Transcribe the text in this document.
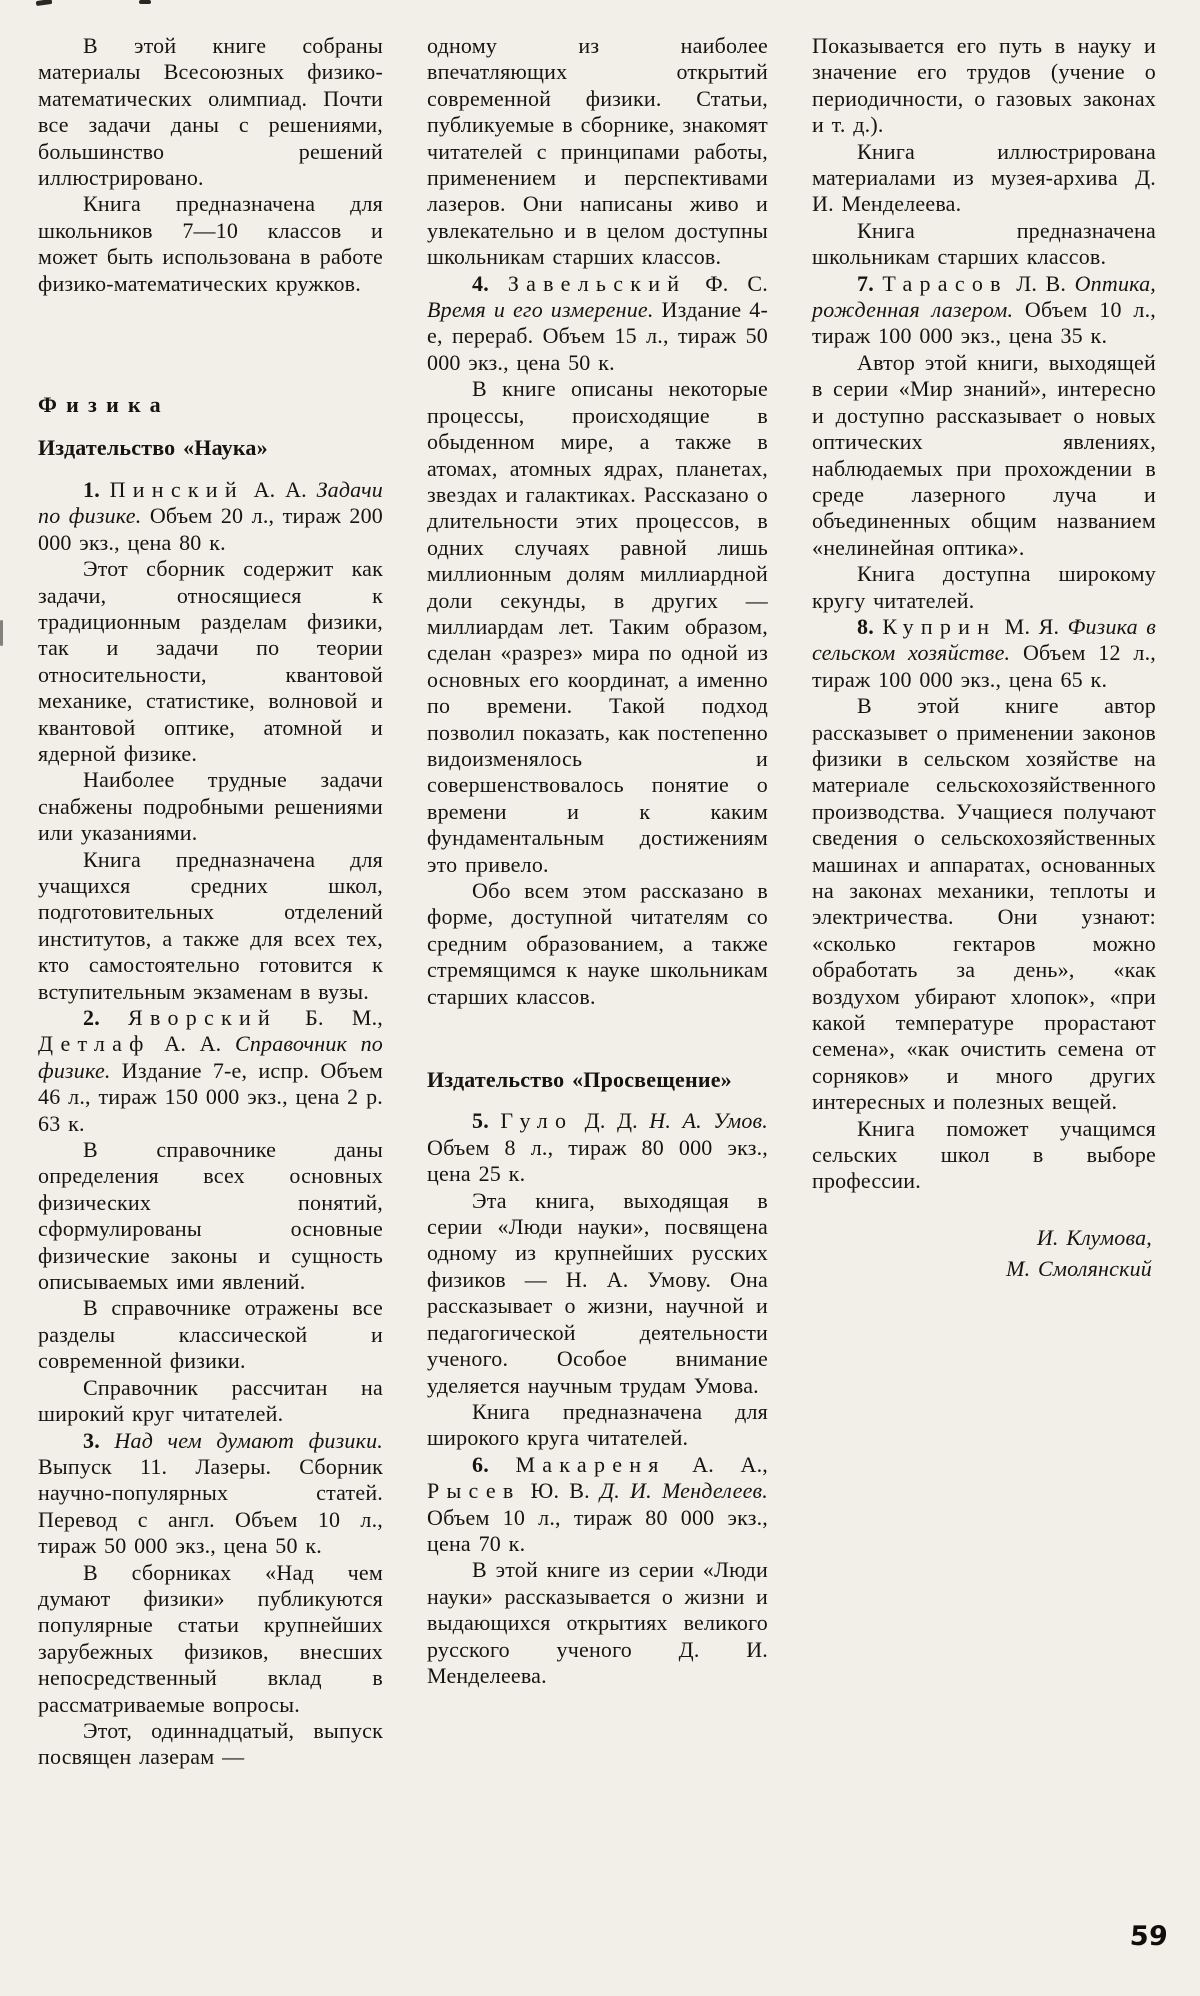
В этой книге собраны материалы Всесоюзных физико-математических олимпиад. Почти все задачи даны с решениями, большинство решений иллюстрировано.
Книга предназначена для школьников 7—10 классов и может быть использована в работе физико-математических кружков.
Физика
Издательство «Наука»
1. Пинский А. А. Задачи по физике. Объем 20 л., тираж 200 000 экз., цена 80 к.
Этот сборник содержит как задачи, относящиеся к традиционным разделам физики, так и задачи по теории относительности, квантовой механике, статистике, волновой и квантовой оптике, атомной и ядерной физике.
Наиболее трудные задачи снабжены подробными решениями или указаниями.
Книга предназначена для учащихся средних школ, подготовительных отделений институтов, а также для всех тех, кто самостоятельно готовится к вступительным экзаменам в вузы.
2. Яворский Б. М., Детлаф А. А. Справочник по физике. Издание 7-е, испр. Объем 46 л., тираж 150 000 экз., цена 2 р. 63 к.
В справочнике даны определения всех основных физических понятий, сформулированы основные физические законы и сущность описываемых ими явлений.
В справочнике отражены все разделы классической и современной физики.
Справочник рассчитан на широкий круг читателей.
3. Над чем думают физики. Выпуск 11. Лазеры. Сборник научно-популярных статей. Перевод с англ. Объем 10 л., тираж 50 000 экз., цена 50 к.
В сборниках «Над чем думают физики» публикуются популярные статьи крупнейших зарубежных физиков, внесших непосредственный вклад в рассматриваемые вопросы.
Этот, одиннадцатый, выпуск посвящен лазерам —
одному из наиболее впечатляющих открытий современной физики. Статьи, публикуемые в сборнике, знакомят читателей с принципами работы, применением и перспективами лазеров. Они написаны живо и увлекательно и в целом доступны школьникам старших классов.
4. Завельский Ф. С. Время и его измерение. Издание 4-е, перераб. Объем 15 л., тираж 50 000 экз., цена 50 к.
В книге описаны некоторые процессы, происходящие в обыденном мире, а также в атомах, атомных ядрах, планетах, звездах и галактиках. Рассказано о длительности этих процессов, в одних случаях равной лишь миллионным долям миллиардной доли секунды, в других — миллиардам лет. Таким образом, сделан «разрез» мира по одной из основных его координат, а именно по времени. Такой подход позволил показать, как постепенно видоизменялось и совершенствовалось понятие о времени и к каким фундаментальным достижениям это привело.
Обо всем этом рассказано в форме, доступной читателям со средним образованием, а также стремящимся к науке школьникам старших классов.
Издательство «Просвещение»
5. Гуло Д. Д. Н. А. Умов. Объем 8 л., тираж 80 000 экз., цена 25 к.
Эта книга, выходящая в серии «Люди науки», посвящена одному из крупнейших русских физиков — Н. А. Умову. Она рассказывает о жизни, научной и педагогической деятельности ученого. Особое внимание уделяется научным трудам Умова.
Книга предназначена для широкого круга читателей.
6. Макареня А. А., Рысев Ю. В. Д. И. Менделеев. Объем 10 л., тираж 80 000 экз., цена 70 к.
В этой книге из серии «Люди науки» рассказывается о жизни и выдающихся открытиях великого русского ученого Д. И. Менделеева.
Показывается его путь в науку и значение его трудов (учение о периодичности, о газовых законах и т. д.).
Книга иллюстрирована материалами из музея-архива Д. И. Менделеева.
Книга предназначена школьникам старших классов.
7. Тарасов Л. В. Оптика, рожденная лазером. Объем 10 л., тираж 100 000 экз., цена 35 к.
Автор этой книги, выходящей в серии «Мир знаний», интересно и доступно рассказывает о новых оптических явлениях, наблюдаемых при прохождении в среде лазерного луча и объединенных общим названием «нелинейная оптика».
Книга доступна широкому кругу читателей.
8. Куприн М. Я. Физика в сельском хозяйстве. Объем 12 л., тираж 100 000 экз., цена 65 к.
В этой книге автор рассказывет о применении законов физики в сельском хозяйстве на материале сельскохозяйственного производства. Учащиеся получают сведения о сельскохозяйственных машинах и аппаратах, основанных на законах механики, теплоты и электричества. Они узнают: «сколько гектаров можно обработать за день», «как воздухом убирают хлопок», «при какой температуре прорастают семена», «как очистить семена от сорняков» и много других интересных и полезных вещей.
Книга поможет учащимся сельских школ в выборе профессии.
И. Клумова,
М. Смолянский
59
